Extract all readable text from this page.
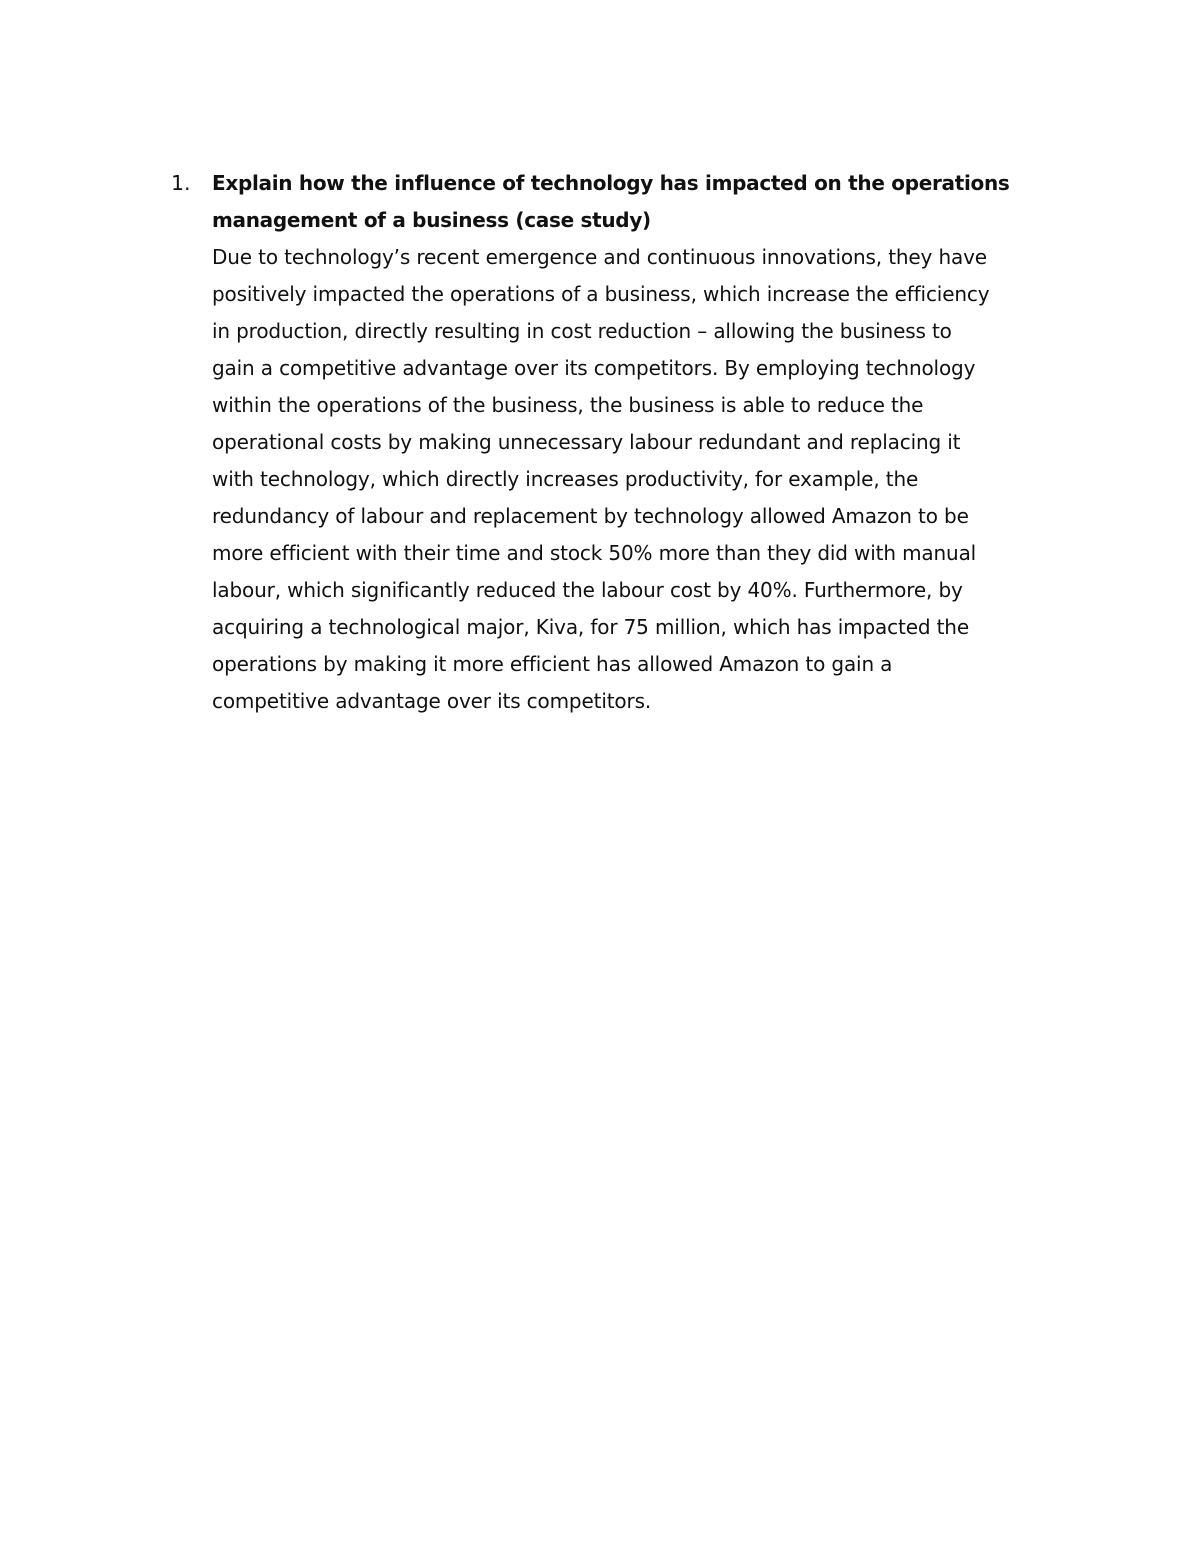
1.	Explain how the influence of technology has impacted on the operations
management of a business (case study)
Due to technology’s recent emergence and continuous innovations, they have
positively impacted the operations of a business, which increase the efficiency
in production, directly resulting in cost reduction – allowing the business to
gain a competitive advantage over its competitors. By employing technology
within the operations of the business, the business is able to reduce the
operational costs by making unnecessary labour redundant and replacing it
with technology, which directly increases productivity, for example, the
redundancy of labour and replacement by technology allowed Amazon to be
more efficient with their time and stock 50% more than they did with manual
labour, which significantly reduced the labour cost by 40%. Furthermore, by
acquiring a technological major, Kiva, for 75 million, which has impacted the
operations by making it more efficient has allowed Amazon to gain a
competitive advantage over its competitors.
